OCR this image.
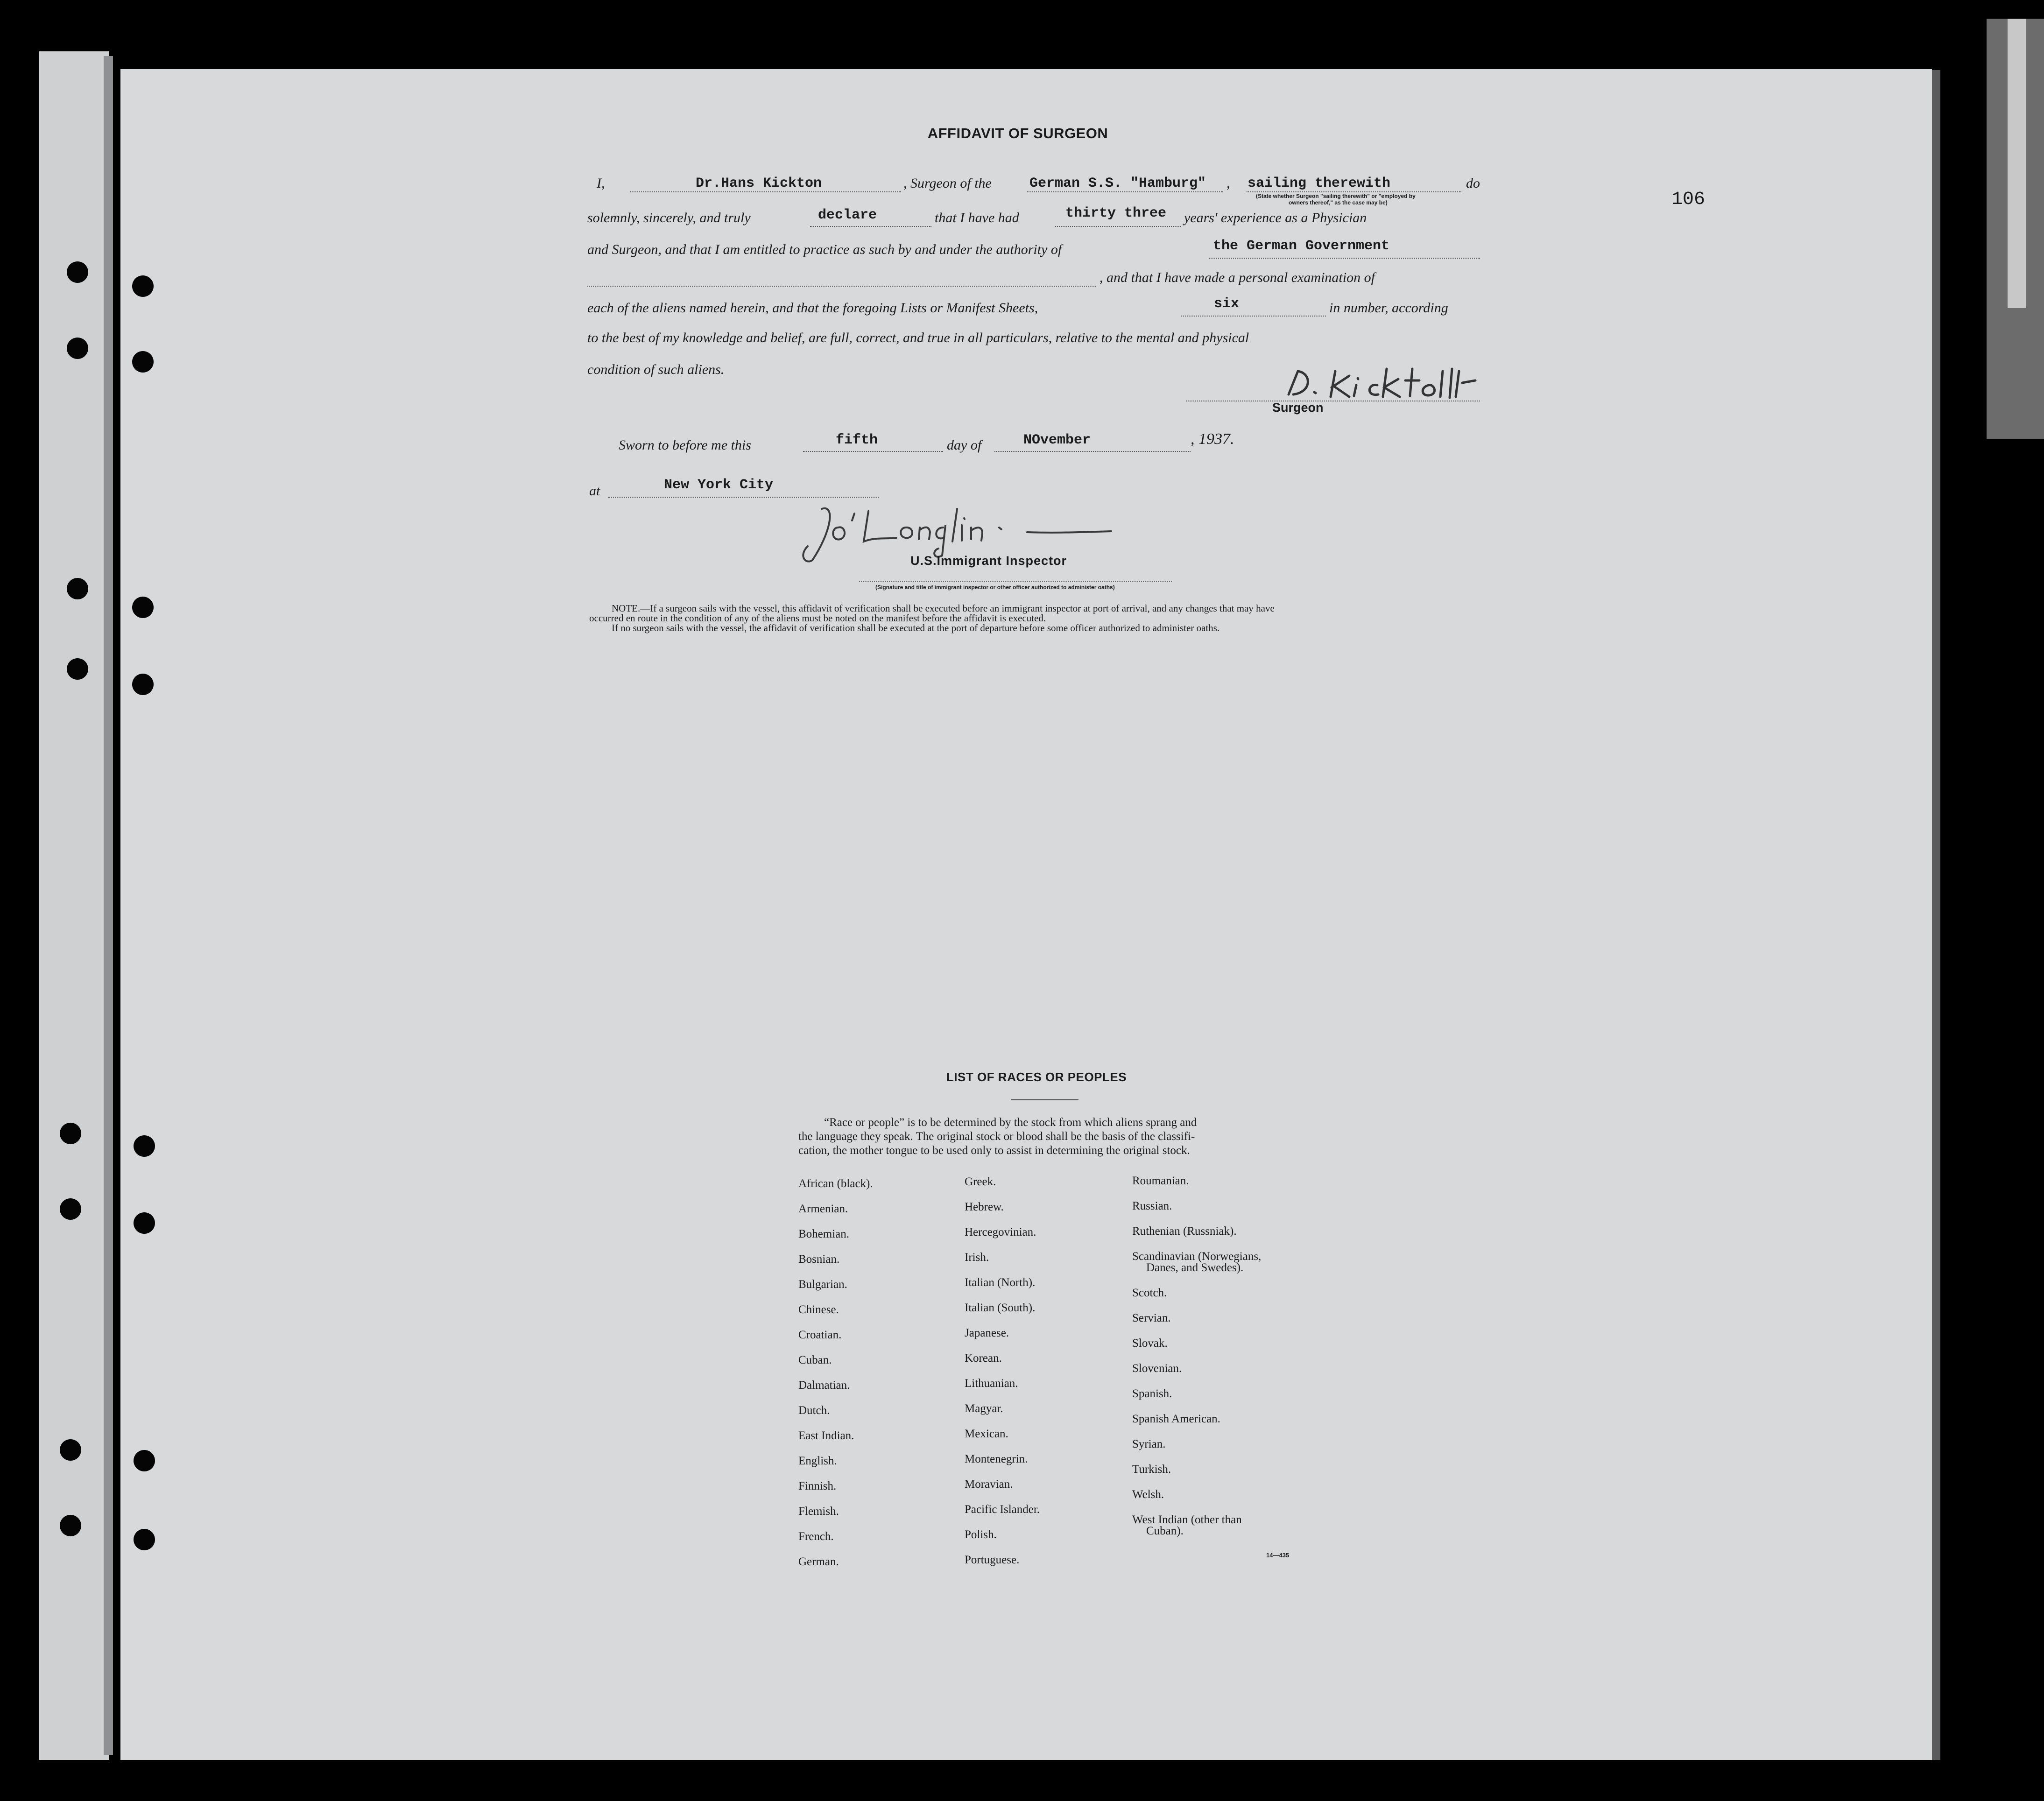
106
AFFIDAVIT OF SURGEON
I,	Dr.Hans Kickton	, Surgeon of the	German S.S. "Hamburg" , sailing therewith	do
(State whether Surgeon "sailing therewith" or "employed by
owners thereof," as the case may be)
solemnly, sincerely, and truly	declare	that I have had	thirty three years' experience as a Physician
and Surgeon, and that I am entitled to practice as such by and under the authority of	the German Government
, and that I have made a personal examination of
each of the aliens named herein, and that the foregoing Lists or Manifest Sheets,	six	in number, according
to the best of my knowledge and belief, are full, correct, and true in all particulars, relative to the mental and physical
condition of such aliens.
Surgeon
Sworn to before me this	fifth	day of	NOvember	, 1937.
at	New York City
U.S.Immigrant Inspector
(Signature and title of immigrant inspector or other officer authorized to administer oaths)
NOTE.—If a surgeon sails with the vessel, this affidavit of verification shall be executed before an immigrant inspector at port of arrival, and any changes that may have
occurred en route in the condition of any of the aliens must be noted on the manifest before the affidavit is executed.
If no surgeon sails with the vessel, the affidavit of verification shall be executed at the port of departure before some officer authorized to administer oaths.
LIST OF RACES OR PEOPLES
“Race or people” is to be determined by the stock from which aliens sprang and
the language they speak. The original stock or blood shall be the basis of the classifi-
cation, the mother tongue to be used only to assist in determining the original stock.
African (black).
Armenian.
Bohemian.
Bosnian.
Bulgarian.
Chinese.
Croatian.
Cuban.
Dalmatian.
Dutch.
East Indian.
English.
Finnish.
Flemish.
French.
German.
Greek.
Hebrew.
Hercegovinian.
Irish.
Italian (North).
Italian (South).
Japanese.
Korean.
Lithuanian.
Magyar.
Mexican.
Montenegrin.
Moravian.
Pacific Islander.
Polish.
Portuguese.
Roumanian.
Russian.
Ruthenian (Russniak).
Scandinavian (Norwegians,
Danes, and Swedes).
Scotch.
Servian.
Slovak.
Slovenian.
Spanish.
Spanish American.
Syrian.
Turkish.
Welsh.
West Indian (other than
Cuban).
14—435
